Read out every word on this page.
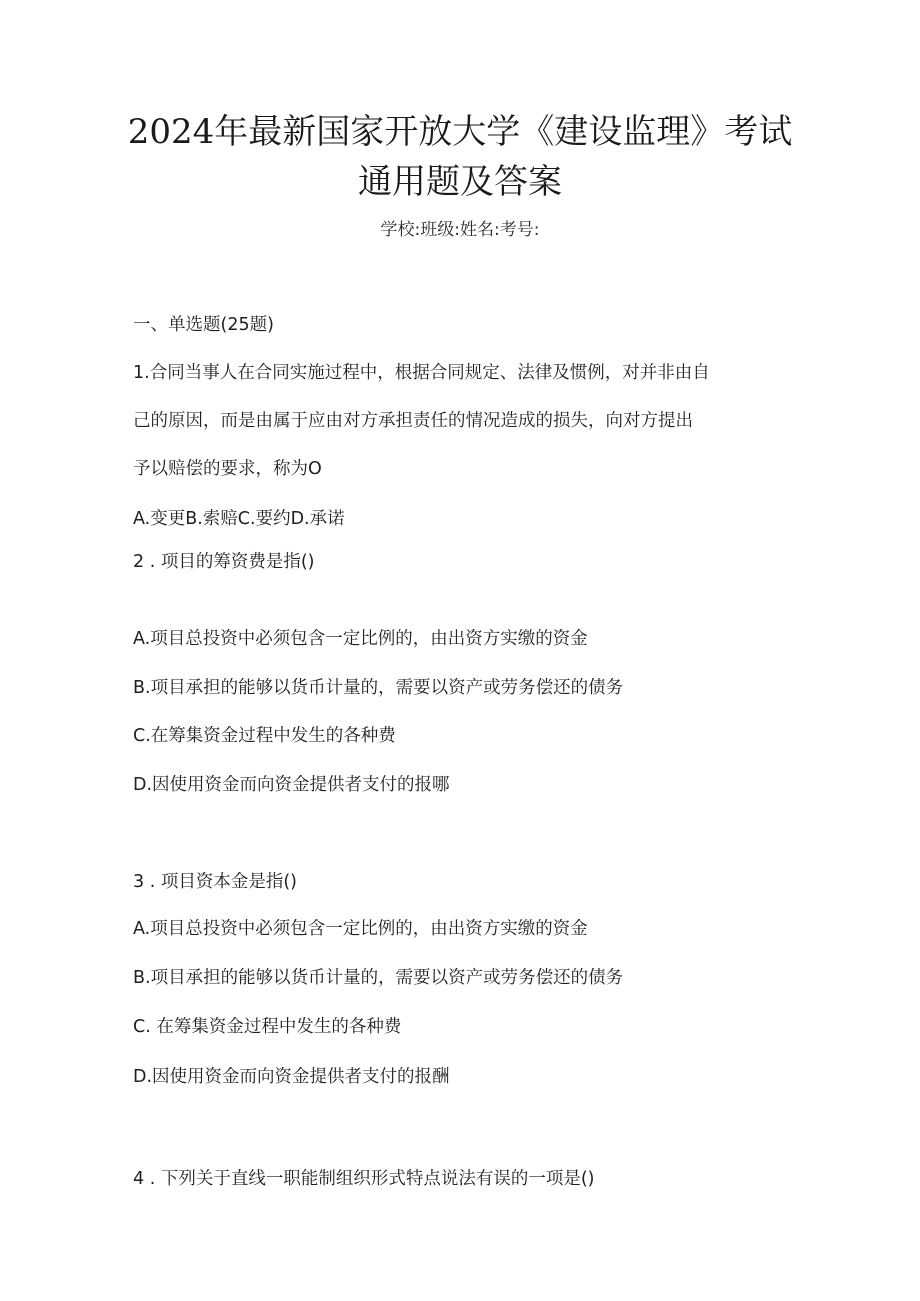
2024年最新国家开放大学《建设监理》考试
通用题及答案
学校:班级:姓名:考号:
一、单选题(25题)
1.合同当事人在合同实施过程中，根据合同规定、法律及惯例，对并非由自
己的原因，而是由属于应由对方承担责任的情况造成的损失，向对方提出
予以赔偿的要求，称为O
A.变更B.索赔C.要约D.承诺
2 . 项目的筹资费是指()
A.项目总投资中必须包含一定比例的，由出资方实缴的资金
B.项目承担的能够以货币计量的，需要以资产或劳务偿还的债务
C.在筹集资金过程中发生的各种费
D.因使用资金而向资金提供者支付的报哪
3 . 项目资本金是指()
A.项目总投资中必须包含一定比例的，由出资方实缴的资金
B.项目承担的能够以货币计量的，需要以资产或劳务偿还的债务
C. 在筹集资金过程中发生的各种费
D.因使用资金而向资金提供者支付的报酬
4 . 下列关于直线一职能制组织形式特点说法有误的一项是()
